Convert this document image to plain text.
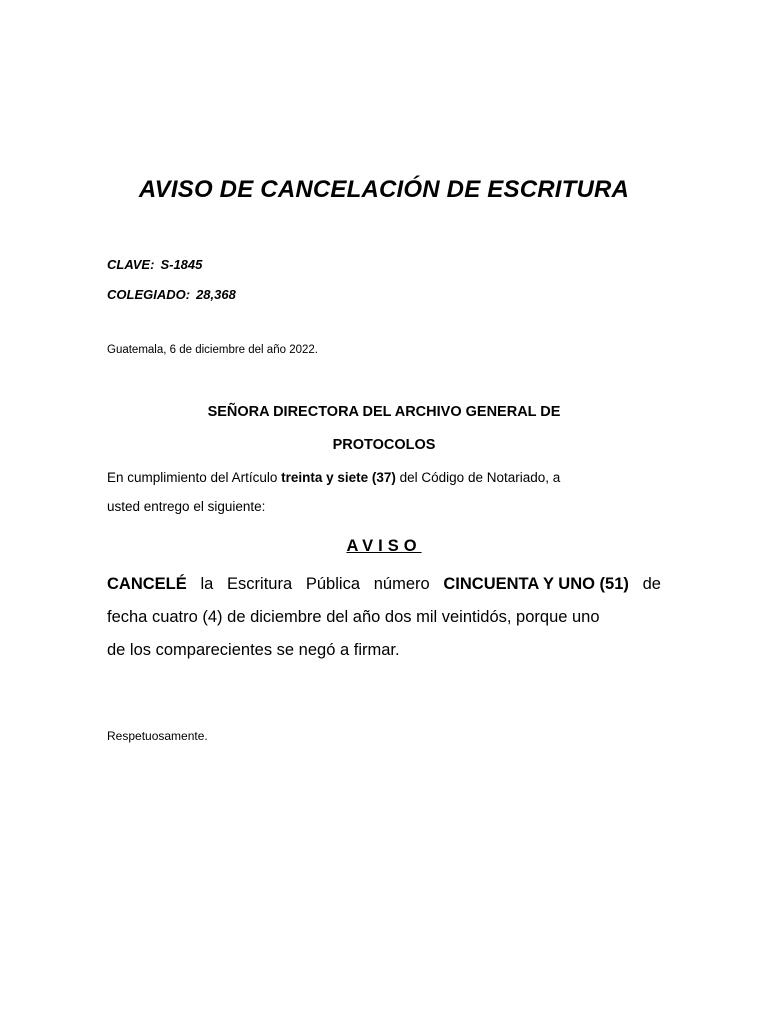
AVISO DE CANCELACIÓN DE ESCRITURA
CLAVE: S-1845
COLEGIADO: 28,368
Guatemala, 6 de diciembre del año 2022.
SEÑORA DIRECTORA DEL ARCHIVO GENERAL DE
PROTOCOLOS
En cumplimiento del Artículo treinta y siete (37) del Código de Notariado, a
usted entrego el siguiente:
AVISO
CANCELÉ la Escritura Pública número CINCUENTA Y UNO (51) de
fecha cuatro (4) de diciembre del año dos mil veintidós, porque uno
de los comparecientes se negó a firmar.
Respetuosamente.
